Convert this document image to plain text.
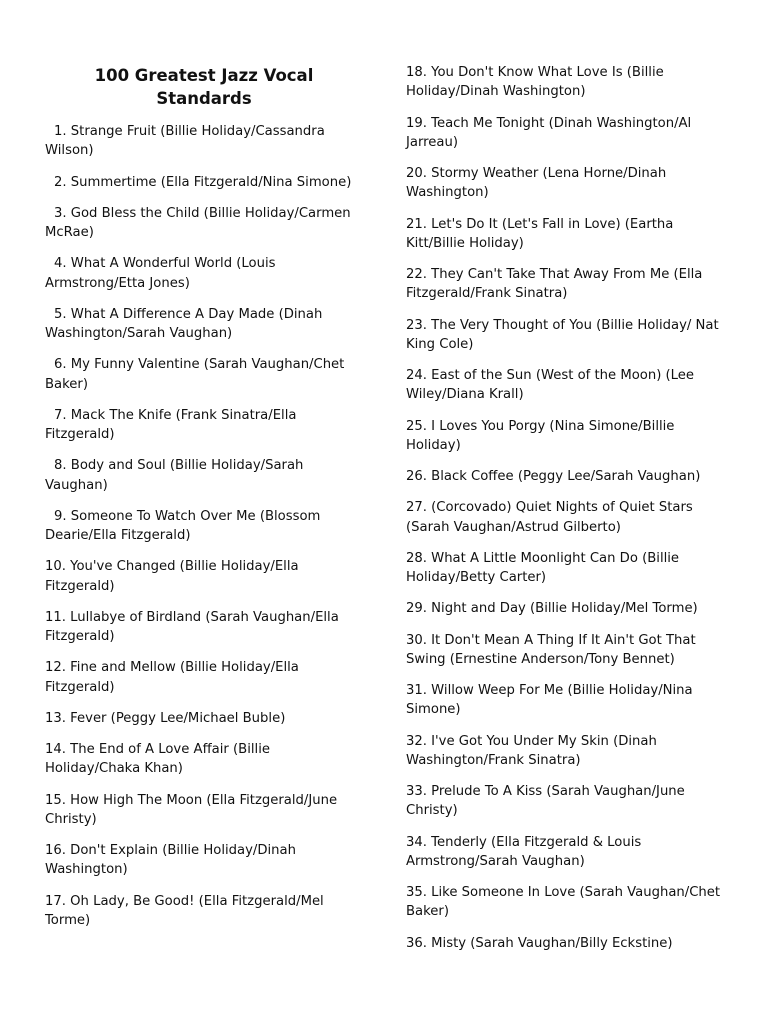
100 Greatest Jazz Vocal Standards
1. Strange Fruit (Billie Holiday/Cassandra Wilson)
2. Summertime (Ella Fitzgerald/Nina Simone)
3. God Bless the Child (Billie Holiday/Carmen McRae)
4. What A Wonderful World (Louis Armstrong/Etta Jones)
5. What A Difference A Day Made (Dinah Washington/Sarah Vaughan)
6. My Funny Valentine (Sarah Vaughan/Chet Baker)
7. Mack The Knife (Frank Sinatra/Ella Fitzgerald)
8. Body and Soul (Billie Holiday/Sarah Vaughan)
9. Someone To Watch Over Me (Blossom Dearie/Ella Fitzgerald)
10. You've Changed (Billie Holiday/Ella Fitzgerald)
11. Lullabye of Birdland (Sarah Vaughan/Ella Fitzgerald)
12. Fine and Mellow (Billie Holiday/Ella Fitzgerald)
13. Fever (Peggy Lee/Michael Buble)
14. The End of A Love Affair (Billie Holiday/Chaka Khan)
15. How High The Moon (Ella Fitzgerald/June Christy)
16. Don't Explain (Billie Holiday/Dinah Washington)
17. Oh Lady, Be Good! (Ella Fitzgerald/Mel Torme)
18. You Don't Know What Love Is (Billie Holiday/Dinah Washington)
19. Teach Me Tonight (Dinah Washington/Al Jarreau)
20. Stormy Weather (Lena Horne/Dinah Washington)
21. Let's Do It (Let's Fall in Love) (Eartha Kitt/Billie Holiday)
22. They Can't Take That Away From Me (Ella Fitzgerald/Frank Sinatra)
23. The Very Thought of You (Billie Holiday/ Nat King Cole)
24. East of the Sun (West of the Moon) (Lee Wiley/Diana Krall)
25. I Loves You Porgy (Nina Simone/Billie Holiday)
26. Black Coffee (Peggy Lee/Sarah Vaughan)
27. (Corcovado) Quiet Nights of Quiet Stars (Sarah Vaughan/Astrud Gilberto)
28. What A Little Moonlight Can Do (Billie Holiday/Betty Carter)
29. Night and Day (Billie Holiday/Mel Torme)
30. It Don't Mean A Thing If It Ain't Got That Swing (Ernestine Anderson/Tony Bennet)
31. Willow Weep For Me (Billie Holiday/Nina Simone)
32. I've Got You Under My Skin (Dinah Washington/Frank Sinatra)
33. Prelude To A Kiss (Sarah Vaughan/June Christy)
34. Tenderly (Ella Fitzgerald & Louis Armstrong/Sarah Vaughan)
35. Like Someone In Love (Sarah Vaughan/Chet Baker)
36. Misty (Sarah Vaughan/Billy Eckstine)
